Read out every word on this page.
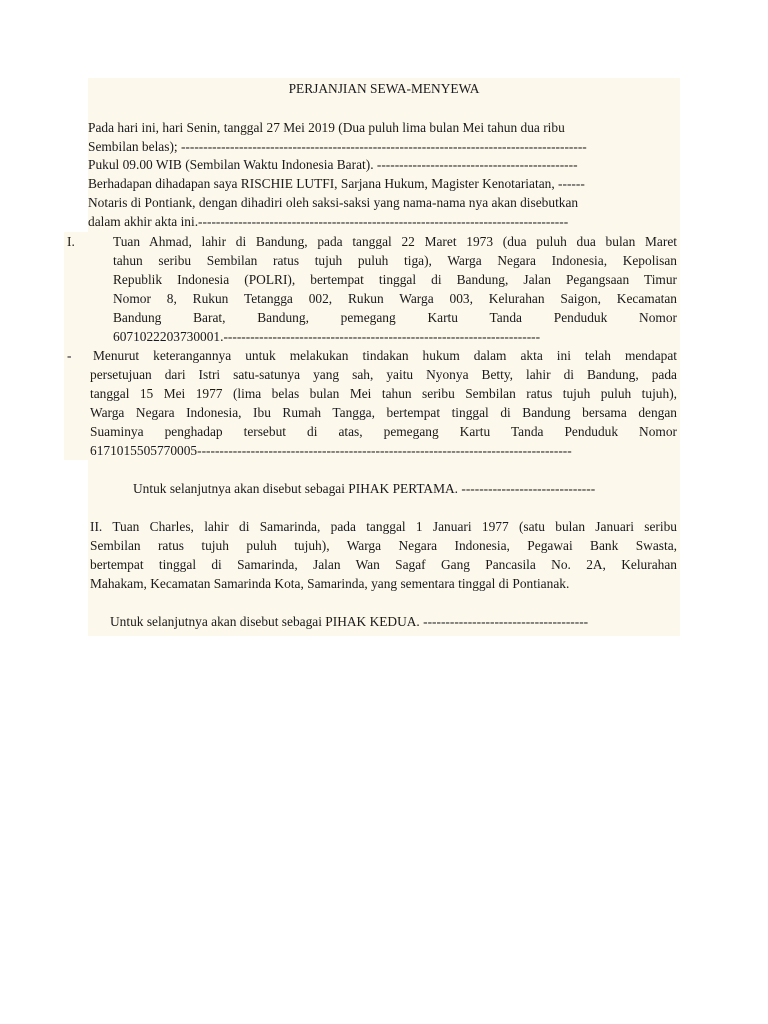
PERJANJIAN SEWA-MENYEWA
Pada hari ini, hari Senin, tanggal 27 Mei 2019 (Dua puluh lima bulan Mei tahun dua ribu
Sembilan belas); -------------------------------------------------------------------------------------------
Pukul 09.00 WIB (Sembilan Waktu Indonesia Barat). ---------------------------------------------
Berhadapan dihadapan saya RISCHIE LUTFI, Sarjana Hukum, Magister Kenotariatan, ------
Notaris di Pontiank, dengan dihadiri oleh saksi-saksi yang nama-nama nya akan disebutkan
dalam akhir akta ini.-----------------------------------------------------------------------------------
I.	Tuan Ahmad, lahir di Bandung, pada tanggal 22 Maret 1973 (dua puluh dua bulan Maret
tahun seribu Sembilan ratus tujuh puluh tiga), Warga Negara Indonesia, Kepolisan
Republik Indonesia (POLRI), bertempat tinggal di Bandung, Jalan Pegangsaan Timur
Nomor 8, Rukun Tetangga 002, Rukun Warga 003, Kelurahan Saigon, Kecamatan
Bandung Barat, Bandung, pemegang Kartu Tanda Penduduk Nomor
6071022203730001.-----------------------------------------------------------------------
- Menurut keterangannya untuk melakukan tindakan hukum dalam akta ini telah mendapat
persetujuan dari Istri satu-satunya yang sah, yaitu Nyonya Betty, lahir di Bandung, pada
tanggal 15 Mei 1977 (lima belas bulan Mei tahun seribu Sembilan ratus tujuh puluh tujuh),
Warga Negara Indonesia, Ibu Rumah Tangga, bertempat tinggal di Bandung bersama dengan
Suaminya penghadap tersebut di atas, pemegang Kartu Tanda Penduduk Nomor
6171015505770005------------------------------------------------------------------------------------
Untuk selanjutnya akan disebut sebagai PIHAK PERTAMA. ------------------------------
II. Tuan Charles, lahir di Samarinda, pada tanggal 1 Januari 1977 (satu bulan Januari seribu
Sembilan ratus tujuh puluh tujuh), Warga Negara Indonesia, Pegawai Bank Swasta,
bertempat tinggal di Samarinda, Jalan Wan Sagaf Gang Pancasila No. 2A, Kelurahan
Mahakam, Kecamatan Samarinda Kota, Samarinda, yang sementara tinggal di Pontianak.
Untuk selanjutnya akan disebut sebagai PIHAK KEDUA. -------------------------------------
